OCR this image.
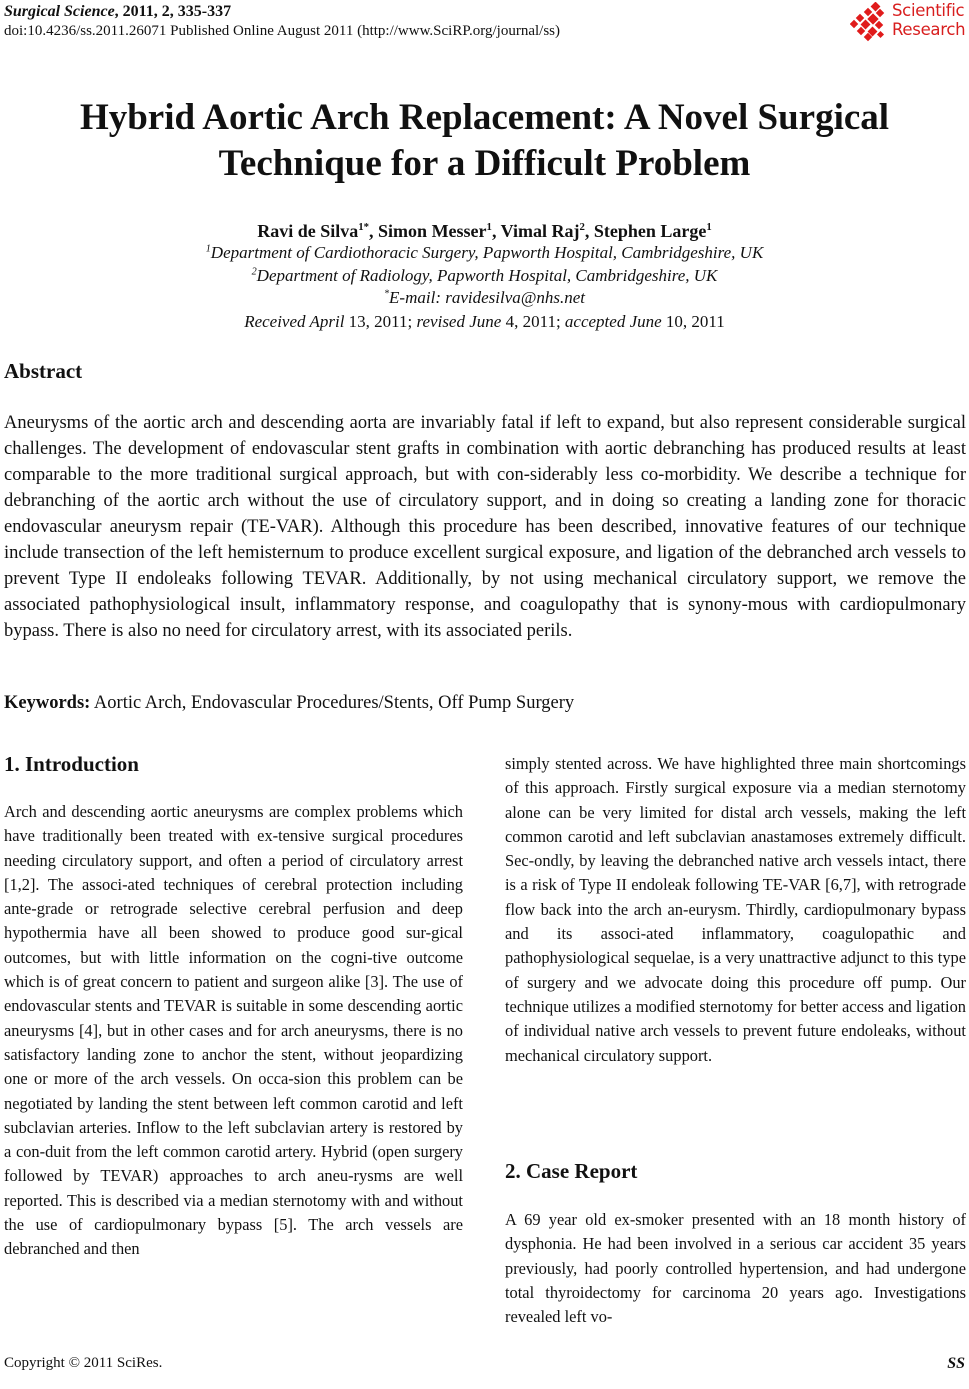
Surgical Science, 2011, 2, 335-337
doi:10.4236/ss.2011.26071 Published Online August 2011 (http://www.SciRP.org/journal/ss)
Scientific
Research
Hybrid Aortic Arch Replacement: A Novel Surgical
Technique for a Difficult Problem
Ravi de Silva$^{1*}$, Simon Messer$^1$, Vimal Raj$^2$, Stephen Large$^1$
$^1$Department of Cardiothoracic Surgery, Papworth Hospital, Cambridgeshire, UK
$^2$Department of Radiology, Papworth Hospital, Cambridgeshire, UK
*E-mail: ravidesilva@nhs.net
Received April 13, 2011; revised June 4, 2011; accepted June 10, 2011
Abstract
Aneurysms of the aortic arch and descending aorta are invariably fatal if left to expand, but also represent considerable surgical challenges. The development of endovascular stent grafts in combination with aortic debranching has produced results at least comparable to the more traditional surgical approach, but with con-siderably less co-morbidity. We describe a technique for debranching of the aortic arch without the use of circulatory support, and in doing so creating a landing zone for thoracic endovascular aneurysm repair (TE-VAR). Although this procedure has been described, innovative features of our technique include transection of the left hemisternum to produce excellent surgical exposure, and ligation of the debranched arch vessels to prevent Type II endoleaks following TEVAR. Additionally, by not using mechanical circulatory support, we remove the associated pathophysiological insult, inflammatory response, and coagulopathy that is synony-mous with cardiopulmonary bypass. There is also no need for circulatory arrest, with its associated perils.
Keywords: Aortic Arch, Endovascular Procedures/Stents, Off Pump Surgery
1. Introduction
Arch and descending aortic aneurysms are complex problems which have traditionally been treated with ex-tensive surgical procedures needing circulatory support, and often a period of circulatory arrest [1,2]. The associ-ated techniques of cerebral protection including ante-grade or retrograde selective cerebral perfusion and deep hypothermia have all been showed to produce good sur-gical outcomes, but with little information on the cogni-tive outcome which is of great concern to patient and surgeon alike [3]. The use of endovascular stents and TEVAR is suitable in some descending aortic aneurysms [4], but in other cases and for arch aneurysms, there is no satisfactory landing zone to anchor the stent, without jeopardizing one or more of the arch vessels. On occa-sion this problem can be negotiated by landing the stent between left common carotid and left subclavian arteries. Inflow to the left subclavian artery is restored by a con-duit from the left common carotid artery. Hybrid (open surgery followed by TEVAR) approaches to arch aneu-rysms are well reported. This is described via a median sternotomy with and without the use of cardiopulmonary bypass [5]. The arch vessels are debranched and then
simply stented across. We have highlighted three main shortcomings of this approach. Firstly surgical exposure via a median sternotomy alone can be very limited for distal arch vessels, making the left common carotid and left subclavian anastamoses extremely difficult. Sec-ondly, by leaving the debranched native arch vessels intact, there is a risk of Type II endoleak following TE-VAR [6,7], with retrograde flow back into the arch an-eurysm. Thirdly, cardiopulmonary bypass and its associ-ated inflammatory, coagulopathic and pathophysiological sequelae, is a very unattractive adjunct to this type of surgery and we advocate doing this procedure off pump. Our technique utilizes a modified sternotomy for better access and ligation of individual native arch vessels to prevent future endoleaks, without mechanical circulatory support.
2. Case Report
A 69 year old ex-smoker presented with an 18 month history of dysphonia. He had been involved in a serious car accident 35 years previously, had poorly controlled hypertension, and had undergone total thyroidectomy for carcinoma 20 years ago. Investigations revealed left vo-
Copyright © 2011 SciRes.	SS
